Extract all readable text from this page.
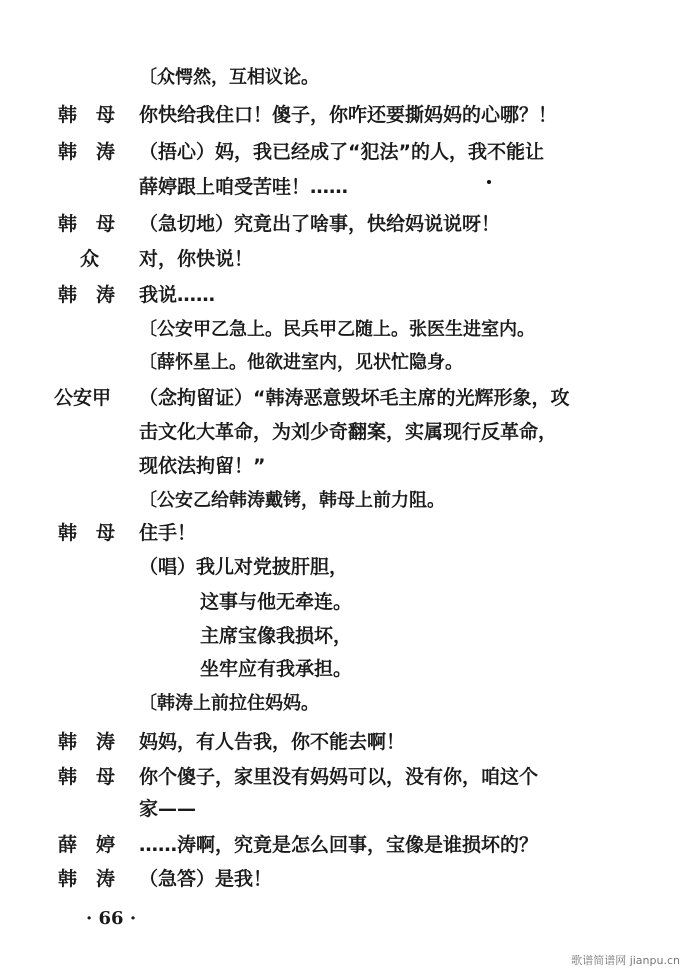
〔众愕然，互相议论。
韩　母	你快给我住口！傻子，你咋还要撕妈妈的心哪？！
韩　涛	（捂心）妈，我已经成了“犯法”的人，我不能让
薛婷跟上咱受苦哇！……
韩　母	（急切地）究竟出了啥事，快给妈说说呀！
众	对，你快说！
韩　涛	我说……
〔公安甲乙急上。民兵甲乙随上。张医生进室内。
〔薛怀星上。他欲进室内，见状忙隐身。
公安甲	（念拘留证）“韩涛恶意毁坏毛主席的光辉形象，攻
击文化大革命，为刘少奇翻案，实属现行反革命，
现依法拘留！”
〔公安乙给韩涛戴铐，韩母上前力阻。
韩　母	住手！
（唱）我儿对党披肝胆，
这事与他无牵连。
主席宝像我损坏，
坐牢应有我承担。
〔韩涛上前拉住妈妈。
韩　涛	妈妈，有人告我，你不能去啊！
韩　母	你个傻子，家里没有妈妈可以，没有你，咱这个
家——
薛　婷	……涛啊，究竟是怎么回事，宝像是谁损坏的？
韩　涛	（急答）是我！
· 66 ·
歌谱简谱网 jianpu.cn
